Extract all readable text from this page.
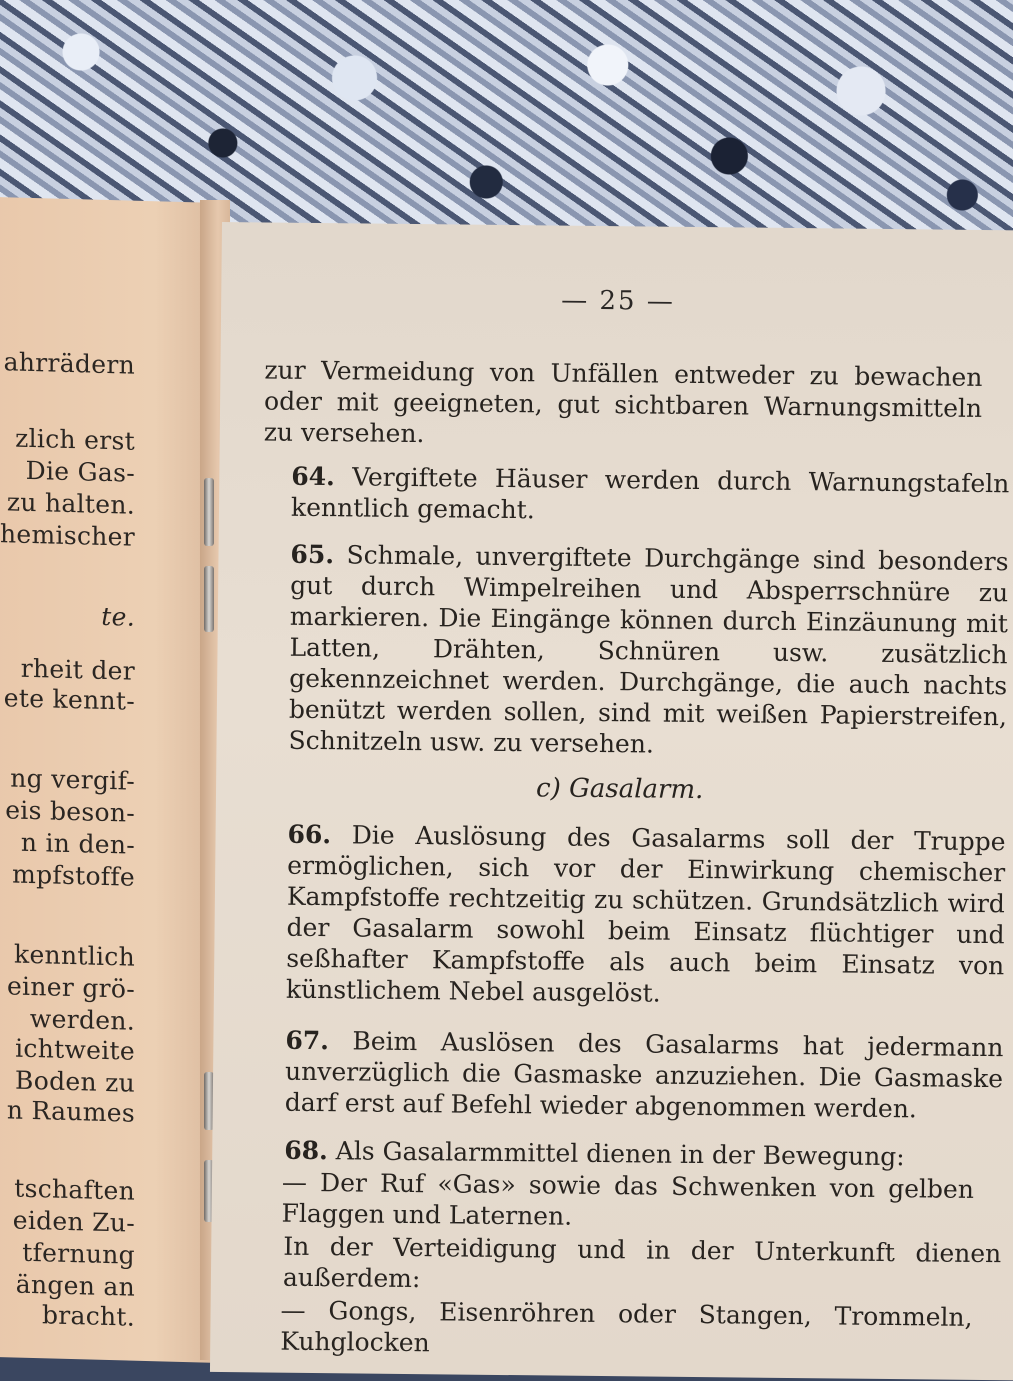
ahrrädern
zlich erst
Die Gas-
zu halten.
hemischer
te.
rheit der
ete kennt-
ng vergif-
eis beson-
n in den-
mpfstoffe
kenntlich
einer grö-
werden.
ichtweite
Boden zu
n Raumes
tschaften
eiden Zu-
tfernung
ängen an
bracht.
— 25 —
zur Vermeidung von Unfällen entweder zu bewachen oder mit geeigneten, gut sichtbaren Warnungsmitteln zu versehen.
64. Vergiftete Häuser werden durch Warnungstafeln kenntlich gemacht.
65. Schmale, unvergiftete Durchgänge sind besonders gut durch Wimpelreihen und Absperrschnüre zu markieren. Die Eingänge können durch Einzäunung mit Latten, Drähten, Schnüren usw. zusätzlich gekennzeichnet werden. Durchgänge, die auch nachts benützt werden sollen, sind mit weißen Papierstreifen, Schnitzeln usw. zu versehen.
c) Gasalarm.
66. Die Auslösung des Gasalarms soll der Truppe ermöglichen, sich vor der Einwirkung chemischer Kampfstoffe rechtzeitig zu schützen. Grundsätzlich wird der Gasalarm sowohl beim Einsatz flüchtiger und seßhafter Kampfstoffe als auch beim Einsatz von künstlichem Nebel ausgelöst.
67. Beim Auslösen des Gasalarms hat jedermann unverzüglich die Gasmaske anzuziehen. Die Gasmaske darf erst auf Befehl wieder abgenommen werden.
68. Als Gasalarmmittel dienen in der Bewegung:
— Der Ruf «Gas» sowie das Schwenken von gelben Flaggen und Laternen.
In der Verteidigung und in der Unterkunft dienen außerdem:
— Gongs, Eisenröhren oder Stangen, Trommeln, Kuhglocken
